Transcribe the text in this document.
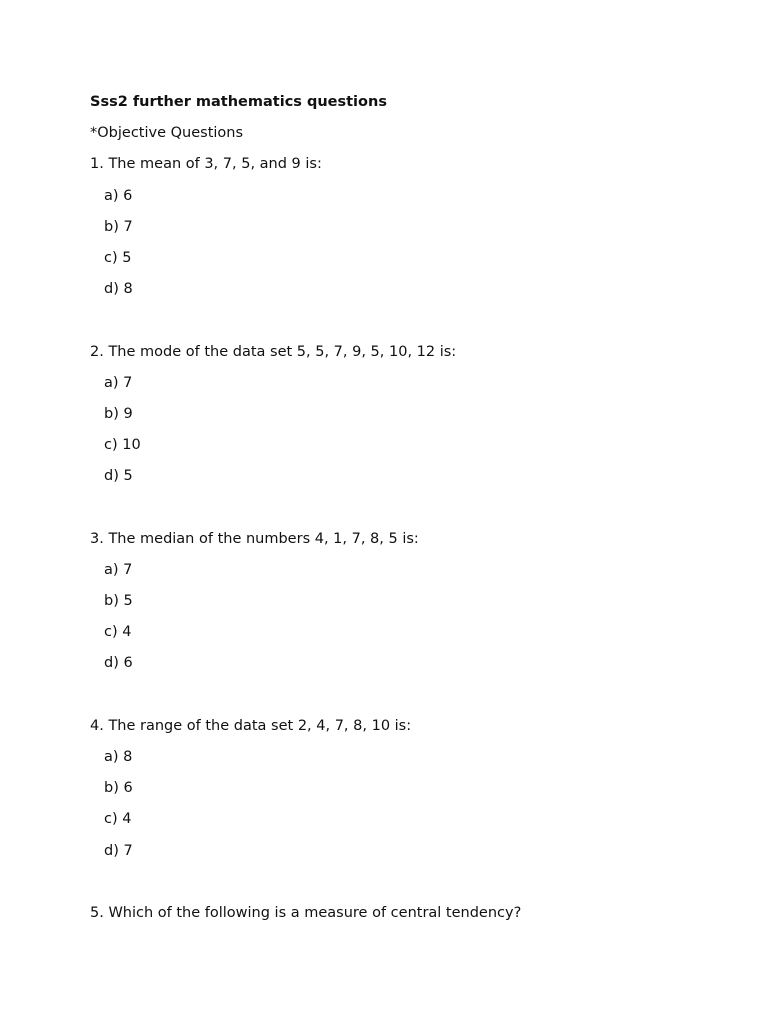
Sss2 further mathematics questions
*Objective Questions
1. The mean of 3, 7, 5, and 9 is:
a) 6
b) 7
c) 5
d) 8
2. The mode of the data set 5, 5, 7, 9, 5, 10, 12 is:
a) 7
b) 9
c) 10
d) 5
3. The median of the numbers 4, 1, 7, 8, 5 is:
a) 7
b) 5
c) 4
d) 6
4. The range of the data set 2, 4, 7, 8, 10 is:
a) 8
b) 6
c) 4
d) 7
5. Which of the following is a measure of central tendency?
